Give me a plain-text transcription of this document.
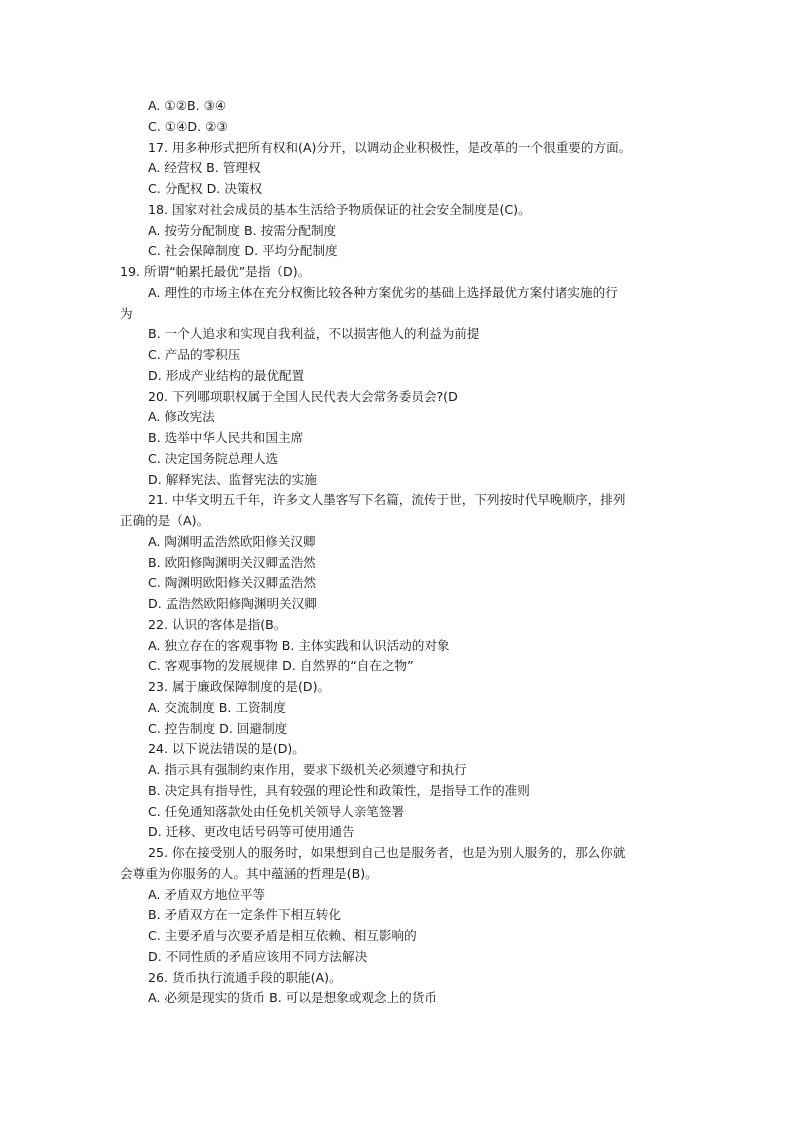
A. ①②B. ③④
C. ①④D. ②③
17. 用多种形式把所有权和(A)分开，以调动企业积极性，是改革的一个很重要的方面。
A. 经营权 B. 管理权
C. 分配权 D. 决策权
18. 国家对社会成员的基本生活给予物质保证的社会安全制度是(C)。
A. 按劳分配制度 B. 按需分配制度
C. 社会保障制度 D. 平均分配制度
19. 所谓“帕累托最优”是指（D)。
A. 理性的市场主体在充分权衡比较各种方案优劣的基础上选择最优方案付诸实施的行
为
B. 一个人追求和实现自我利益，不以损害他人的利益为前提
C. 产品的零积压
D. 形成产业结构的最优配置
20. 下列哪项职权属于全国人民代表大会常务委员会?(D
A. 修改宪法
B. 选举中华人民共和国主席
C. 决定国务院总理人选
D. 解释宪法、监督宪法的实施
21. 中华文明五千年，许多文人墨客写下名篇，流传于世，下列按时代早晚顺序，排列
正确的是（A)。
A. 陶渊明孟浩然欧阳修关汉卿
B. 欧阳修陶渊明关汉卿孟浩然
C. 陶渊明欧阳修关汉卿孟浩然
D. 孟浩然欧阳修陶渊明关汉卿
22. 认识的客体是指(B。
A. 独立存在的客观事物 B. 主体实践和认识活动的对象
C. 客观事物的发展规律 D. 自然界的“自在之物”
23. 属于廉政保障制度的是(D)。
A. 交流制度 B. 工资制度
C. 控告制度 D. 回避制度
24. 以下说法错误的是(D)。
A. 指示具有强制约束作用，要求下级机关必须遵守和执行
B. 决定具有指导性，具有较强的理论性和政策性，是指导工作的准则
C. 任免通知落款处由任免机关领导人亲笔签署
D. 迁移、更改电话号码等可使用通告
25. 你在接受别人的服务时，如果想到自己也是服务者，也是为别人服务的，那么你就
会尊重为你服务的人。其中蕴涵的哲理是(B)。
A. 矛盾双方地位平等
B. 矛盾双方在一定条件下相互转化
C. 主要矛盾与次要矛盾是相互依赖、相互影响的
D. 不同性质的矛盾应该用不同方法解决
26. 货币执行流通手段的职能(A)。
A. 必须是现实的货币 B. 可以是想象或观念上的货币
